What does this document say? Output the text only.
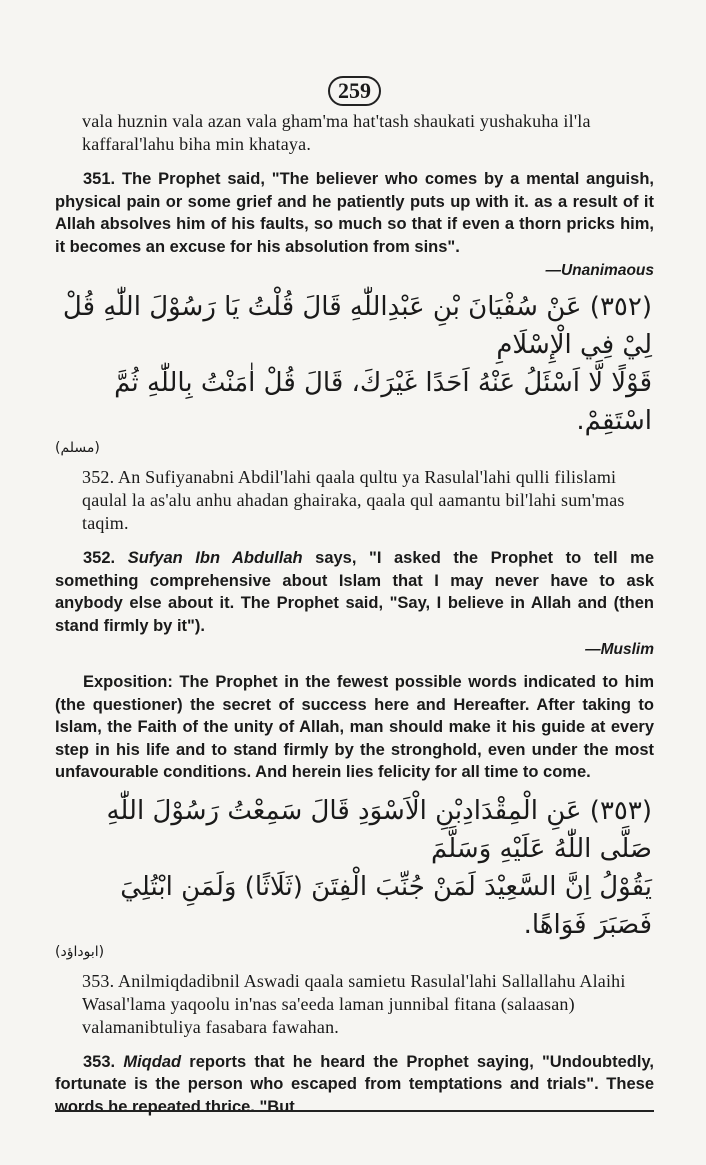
259

vala huznin vala azan vala gham'ma hat'tash shaukati yushakuha il'la kaffaral'lahu biha min khataya.

351. The Prophet said, "The believer who comes by a mental anguish, physical pain or some grief and he patiently puts up with it. as a result of it Allah absolves him of his faults, so much so that if even a thorn pricks him, it becomes an excuse for his absolution from sins".

—Unanimaous

(٣٥٢) عَنْ سُفْيَانَ بْنِ عَبْدِاللّٰهِ قَالَ قُلْتُ يَا رَسُوْلَ اللّٰهِ قُلْ لِيْ فِي الْإِسْلَامِ

قَوْلًا لَّا اَسْئَلُ عَنْهُ اَحَدًا غَيْرَكَ، قَالَ قُلْ اٰمَنْتُ بِاللّٰهِ ثُمَّ اسْتَقِمْ.

(مسلم)

352. An Sufiyanabni Abdil'lahi qaala qultu ya Rasulal'lahi qulli filislami qaulal la as'alu anhu ahadan ghairaka, qaala qul aamantu bil'lahi sum'mas taqim.

352. Sufyan Ibn Abdullah says, "I asked the Prophet to tell me something comprehensive about Islam that I may never have to ask anybody else about it. The Prophet said, "Say, I believe in Allah and (then stand firmly by it").

—Muslim

Exposition: The Prophet in the fewest possible words indicated to him (the questioner) the secret of success here and Hereafter. After taking to Islam, the Faith of the unity of Allah, man should make it his guide at every step in his life and to stand firmly by the stronghold, even under the most unfavourable conditions. And herein lies felicity for all time to come.

(٣٥٣) عَنِ الْمِقْدَادِبْنِ الْاَسْوَدِ قَالَ سَمِعْتُ رَسُوْلَ اللّٰهِ صَلَّى اللّٰهُ عَلَيْهِ وَسَلَّمَ

يَقُوْلُ اِنَّ السَّعِيْدَ لَمَنْ جُنِّبَ الْفِتَنَ (ثَلَاثًا) وَلَمَنِ ابْتُلِيَ فَصَبَرَ فَوَاهًا.

(ابوداؤد)

353. Anilmiqdadibnil Aswadi qaala samietu Rasulal'lahi Sallallahu Alaihi Wasal'lama yaqoolu in'nas sa'eeda laman junnibal fitana (salaasan) valamanibtuliya fasabara fawahan.

353. Miqdad reports that he heard the Prophet saying, "Undoubtedly, fortunate is the person who escaped from temptations and trials". These words he repeated thrice. "But
